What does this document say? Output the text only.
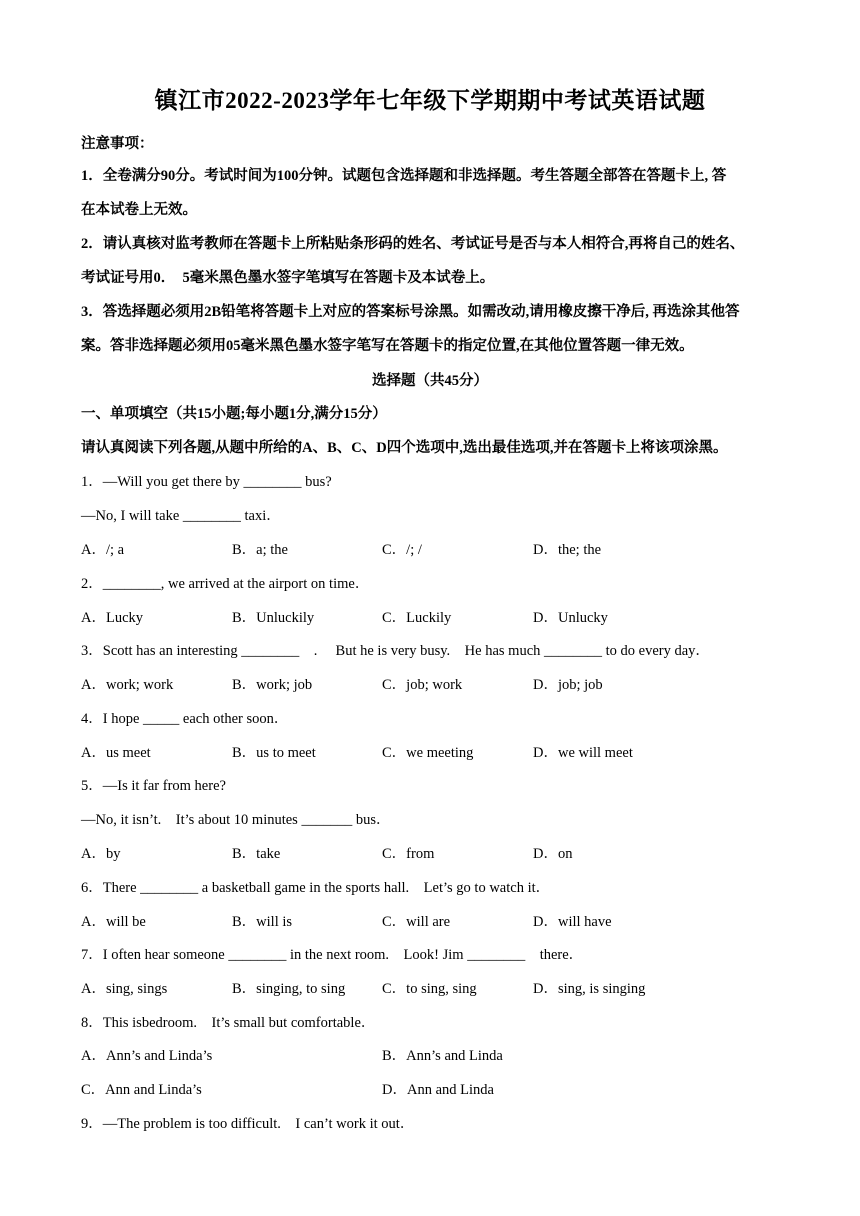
镇江市2022-2023学年七年级下学期期中考试英语试题
注意事项：
1．全卷满分90分。考试时间为100分钟。试题包含选择题和非选择题。考生答题全部答在答题卡上, 答
在本试卷上无效。
2．请认真核对监考教师在答题卡上所粘贴条形码的姓名、考试证号是否与本人相符合,再将自己的姓名、
考试证号用0．　5毫米黑色墨水签字笔填写在答题卡及本试卷上。
3．答选择题必须用2B铅笔将答题卡上对应的答案标号涂黑。如需改动,请用橡皮擦干净后, 再选涂其他答
案。答非选择题必须用05毫米黑色墨水签字笔写在答题卡的指定位置,在其他位置答题一律无效。
选择题（共45分）
一、单项填空（共15小题;每小题1分,满分15分）
请认真阅读下列各题,从题中所给的A、B、C、D四个选项中,选出最佳选项,并在答题卡上将该项涂黑。
1．—Will you get there by ________ bus?
—No, I will take ________ taxi．
A．/; a	B．a; the	C．/; /	D．the; the
2．________, we arrived at the airport on time．
A．Lucky	B．Unluckily	C．Luckily	D．Unlucky
3．Scott has an interesting ________　.　 But he is very busy.　He has much ________ to do every day．
A．work; work	B．work; job	C．job; work	D．job; job
4．I hope _____ each other soon．
A．us meet	B．us to meet	C．we meeting	D．we will meet
5．—Is it far from here?
—No, it isn’t.　It’s about 10 minutes _______ bus．
A．by	B．take	C．from	D．on
6．There ________ a basketball game in the sports hall.　Let’s go to watch it．
A．will be	B．will is	C．will are	D．will have
7．I often hear someone ________ in the next room.　Look! Jim ________　there．
A．sing, sings	B．singing, to sing	C．to sing, sing	D．sing, is singing
8．This isbedroom.　It’s small but comfortable．
A．Ann’s and Linda’s	B．Ann’s and Linda
C．Ann and Linda’s	D．Ann and Linda
9．—The problem is too difficult.　I can’t work it out．
